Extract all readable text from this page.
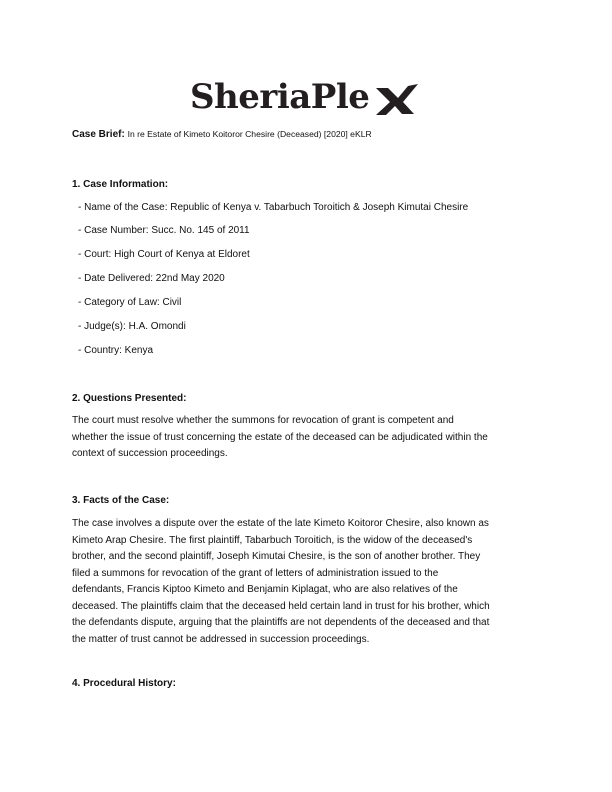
SheriaPle
Case Brief: In re Estate of Kimeto Koitoror Chesire (Deceased) [2020] eKLR
1. Case Information:
- Name of the Case: Republic of Kenya v. Tabarbuch Toroitich & Joseph Kimutai Chesire
- Case Number: Succ. No. 145 of 2011
- Court: High Court of Kenya at Eldoret
- Date Delivered: 22nd May 2020
- Category of Law: Civil
- Judge(s): H.A. Omondi
- Country: Kenya
2. Questions Presented:
The court must resolve whether the summons for revocation of grant is competent and
whether the issue of trust concerning the estate of the deceased can be adjudicated within the
context of succession proceedings.
3. Facts of the Case:
The case involves a dispute over the estate of the late Kimeto Koitoror Chesire, also known as
Kimeto Arap Chesire. The first plaintiff, Tabarbuch Toroitich, is the widow of the deceased's
brother, and the second plaintiff, Joseph Kimutai Chesire, is the son of another brother. They
filed a summons for revocation of the grant of letters of administration issued to the
defendants, Francis Kiptoo Kimeto and Benjamin Kiplagat, who are also relatives of the
deceased. The plaintiffs claim that the deceased held certain land in trust for his brother, which
the defendants dispute, arguing that the plaintiffs are not dependents of the deceased and that
the matter of trust cannot be addressed in succession proceedings.
4. Procedural History:
